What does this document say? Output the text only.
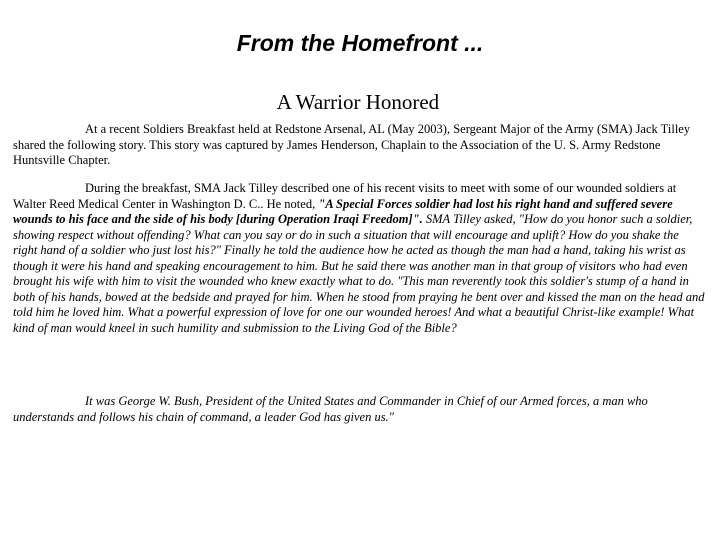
From the Homefront ...
A Warrior Honored

At a recent Soldiers Breakfast held at Redstone Arsenal, AL (May 2003), Sergeant Major of the Army (SMA) Jack Tilley shared the following story. This story was captured by James Henderson, Chaplain to the Association of the U. S. Army Redstone Huntsville Chapter.

During the breakfast, SMA Jack Tilley described one of his recent visits to meet with some of our wounded soldiers at Walter Reed Medical Center in Washington D. C.. He noted, "A Special Forces soldier had lost his right hand and suffered severe wounds to his face and the side of his body [during Operation Iraqi Freedom]". SMA Tilley asked, "How do you honor such a soldier, showing respect without offending? What can you say or do in such a situation that will encourage and uplift? How do you shake the right hand of a soldier who just lost his?" Finally he told the audience how he acted as though the man had a hand, taking his wrist as though it were his hand and speaking encouragement to him. But he said there was another man in that group of visitors who had even brought his wife with him to visit the wounded who knew exactly what to do. "This man reverently took this soldier's stump of a hand in both of his hands, bowed at the bedside and prayed for him. When he stood from praying he bent over and kissed the man on the head and told him he loved him. What a powerful expression of love for one our wounded heroes! And what a beautiful Christ-like example! What kind of man would kneel in such humility and submission to the Living God of the Bible?

It was George W. Bush, President of the United States and Commander in Chief of our Armed forces, a man who understands and follows his chain of command, a leader God has given us."
